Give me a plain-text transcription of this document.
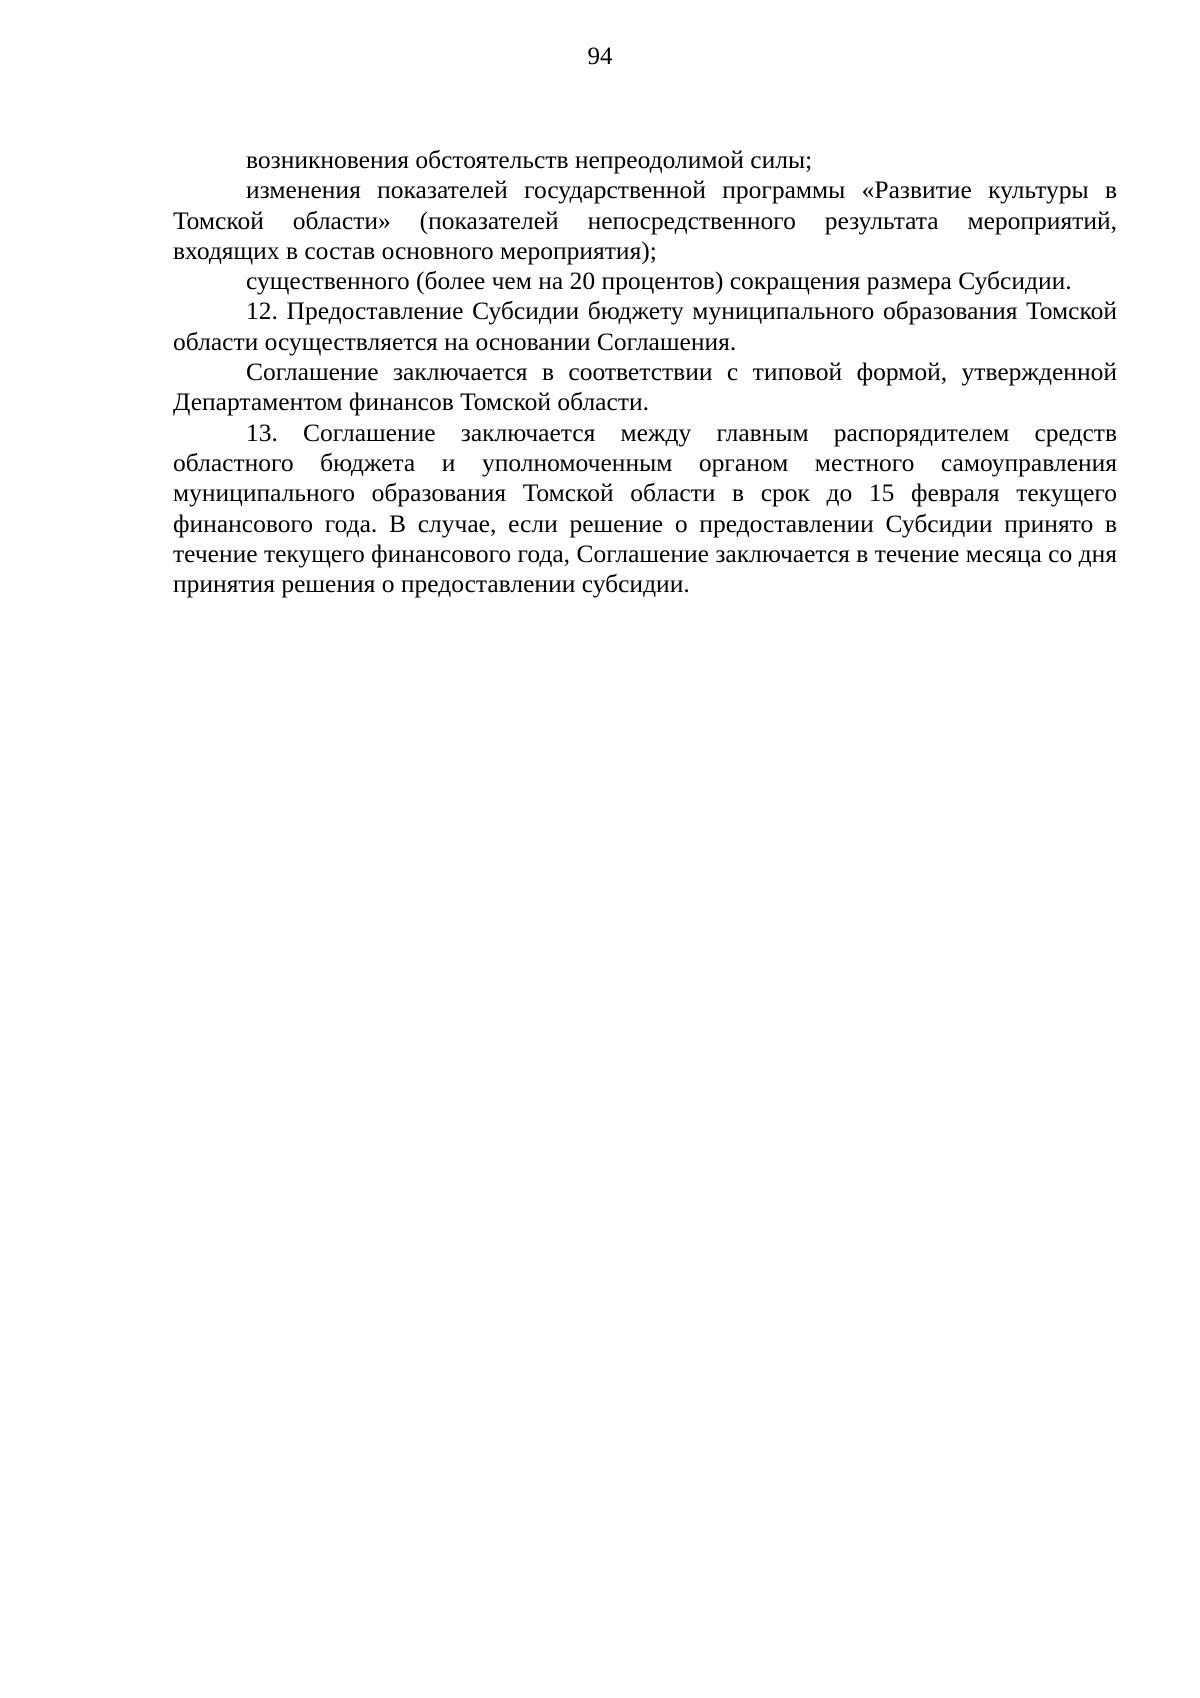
94

возникновения обстоятельств непреодолимой силы;

изменения показателей государственной программы «Развитие культуры в Томской области» (показателей непосредственного результата мероприятий, входящих в состав основного мероприятия);

существенного (более чем на 20 процентов) сокращения размера Субсидии.

12. Предоставление Субсидии бюджету муниципального образования Томской области осуществляется на основании Соглашения.

Соглашение заключается в соответствии с типовой формой, утвержденной Департаментом финансов Томской области.

13. Соглашение заключается между главным распорядителем средств областного бюджета и уполномоченным органом местного самоуправления муниципального образования Томской области в срок до 15 февраля текущего финансового года. В случае, если решение о предоставлении Субсидии принято в течение текущего финансового года, Соглашение заключается в течение месяца со дня принятия решения о предоставлении субсидии.
